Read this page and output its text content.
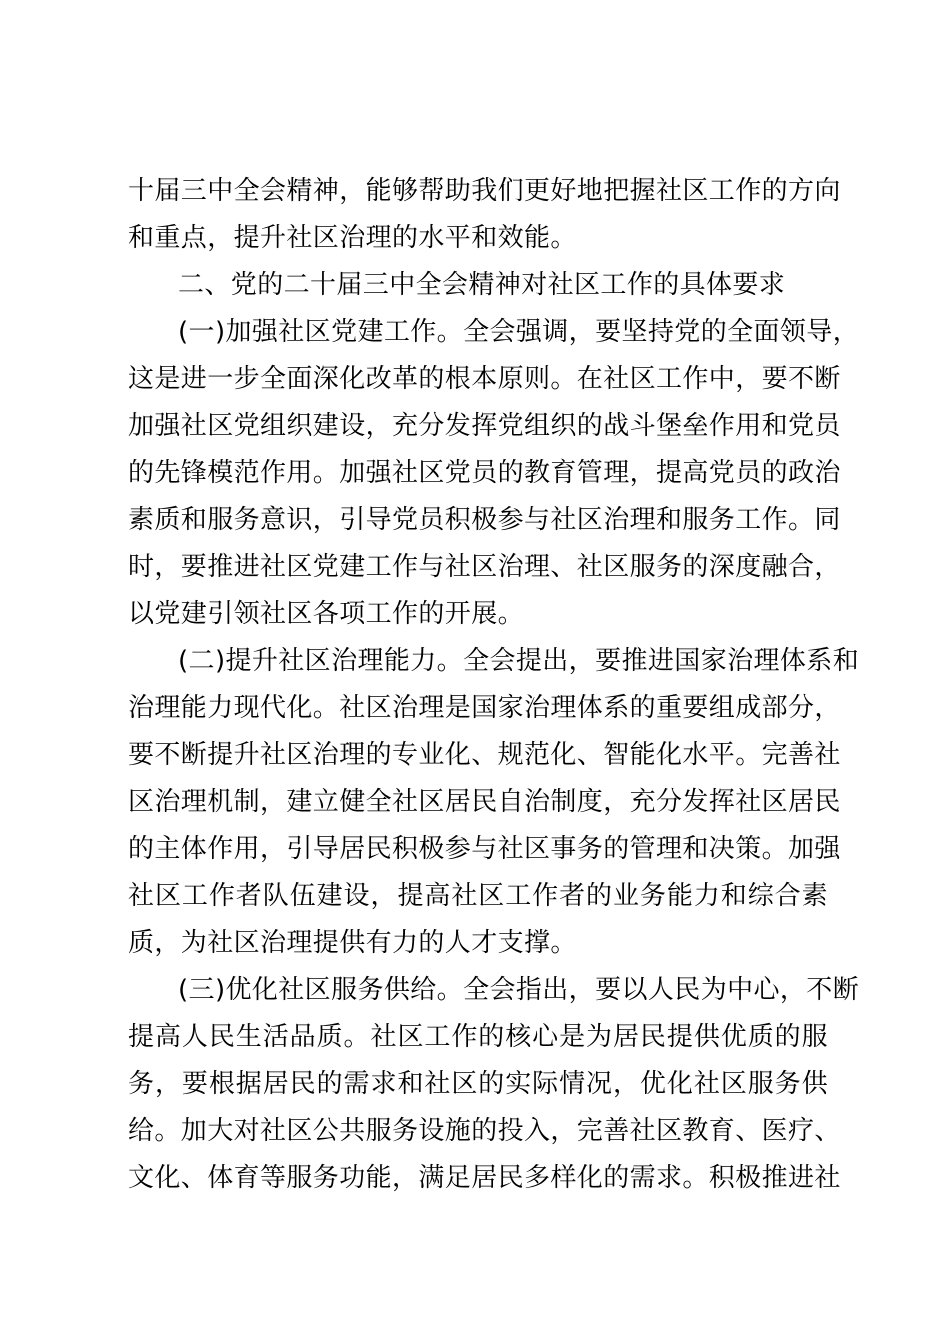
十届三中全会精神，能够帮助我们更好地把握社区工作的方向
和重点，提升社区治理的水平和效能。
二、党的二十届三中全会精神对社区工作的具体要求
(一)加强社区党建工作。全会强调，要坚持党的全面领导，
这是进一步全面深化改革的根本原则。在社区工作中，要不断
加强社区党组织建设，充分发挥党组织的战斗堡垒作用和党员
的先锋模范作用。加强社区党员的教育管理，提高党员的政治
素质和服务意识，引导党员积极参与社区治理和服务工作。同
时，要推进社区党建工作与社区治理、社区服务的深度融合，
以党建引领社区各项工作的开展。
(二)提升社区治理能力。全会提出，要推进国家治理体系和
治理能力现代化。社区治理是国家治理体系的重要组成部分，
要不断提升社区治理的专业化、规范化、智能化水平。完善社
区治理机制，建立健全社区居民自治制度，充分发挥社区居民
的主体作用，引导居民积极参与社区事务的管理和决策。加强
社区工作者队伍建设，提高社区工作者的业务能力和综合素
质，为社区治理提供有力的人才支撑。
(三)优化社区服务供给。全会指出，要以人民为中心，不断
提高人民生活品质。社区工作的核心是为居民提供优质的服
务，要根据居民的需求和社区的实际情况，优化社区服务供
给。加大对社区公共服务设施的投入，完善社区教育、医疗、
文化、体育等服务功能，满足居民多样化的需求。积极推进社
